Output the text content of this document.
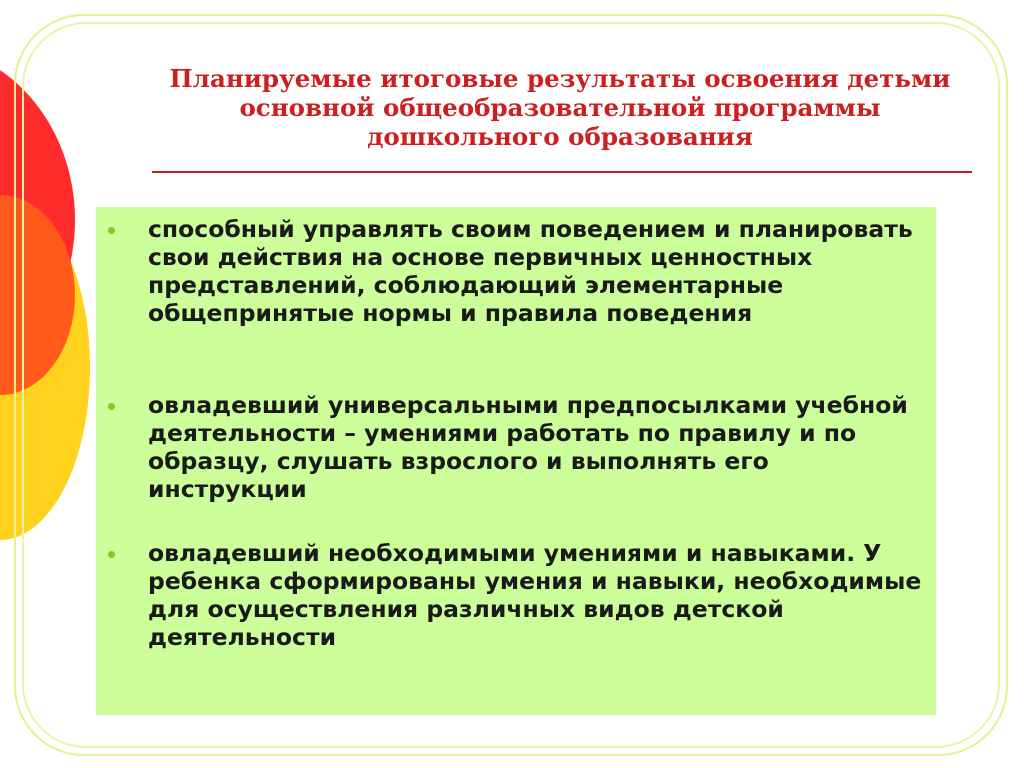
Планируемые итоговые результаты освоения детьми основной общеобразовательной программы дошкольного образования
способный управлять своим поведением и планировать свои действия на основе первичных ценностных представлений, соблюдающий элементарные общепринятые нормы и правила поведения
овладевший универсальными предпосылками учебной деятельности – умениями работать по правилу и по образцу, слушать взрослого и выполнять его инструкции
овладевший необходимыми умениями и навыками. У ребенка сформированы умения и навыки, необходимые для осуществления различных видов детской деятельности
